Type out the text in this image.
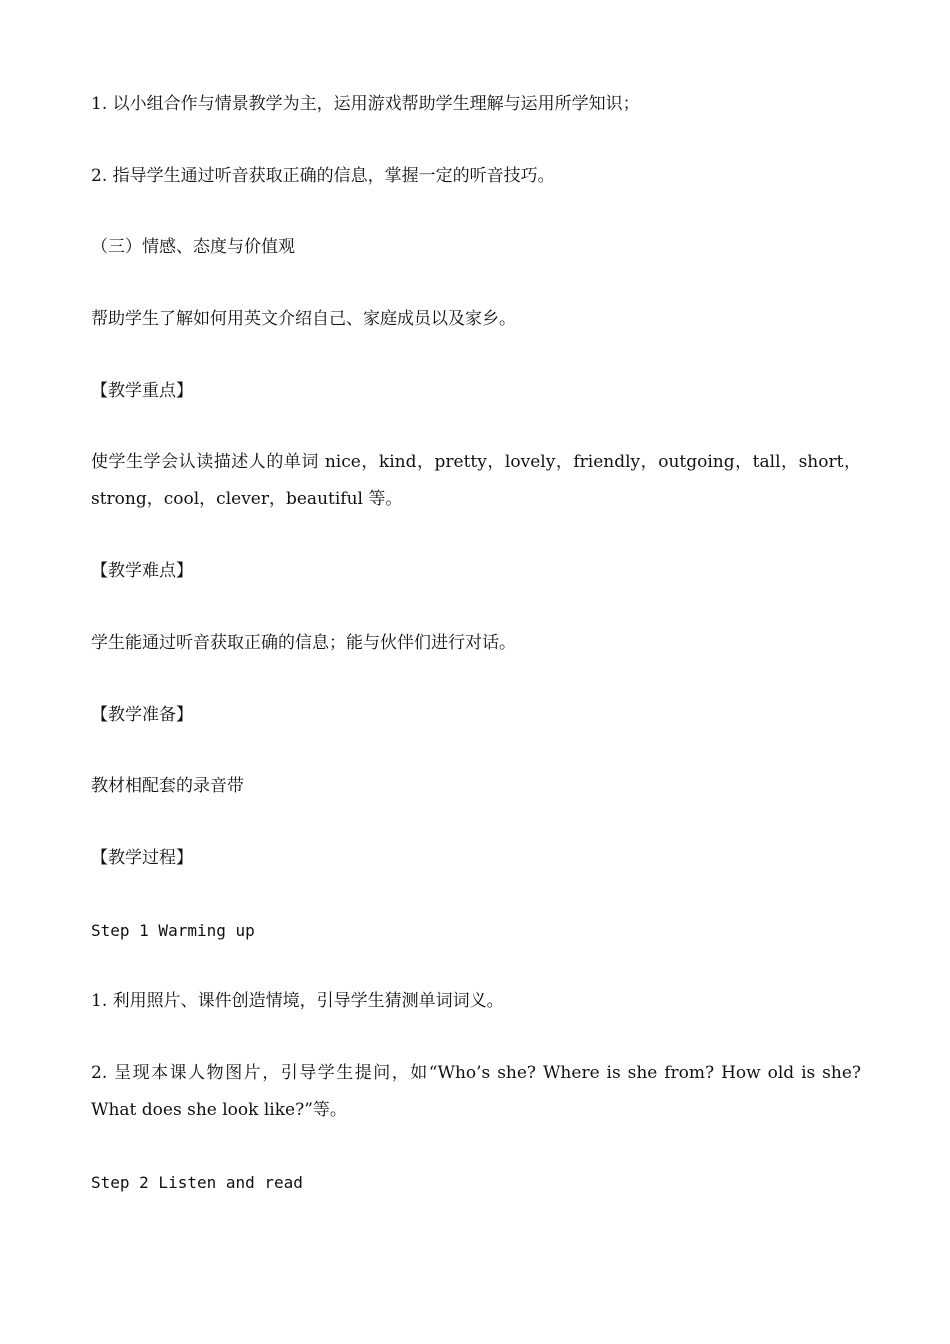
1. 以小组合作与情景教学为主，运用游戏帮助学生理解与运用所学知识；
2. 指导学生通过听音获取正确的信息，掌握一定的听音技巧。
（三）情感、态度与价值观
帮助学生了解如何用英文介绍自己、家庭成员以及家乡。
【教学重点】
使学生学会认读描述人的单词 nice，kind，pretty，lovely，friendly，outgoing，tall，short，strong，cool，clever，beautiful 等。
【教学难点】
学生能通过听音获取正确的信息；能与伙伴们进行对话。
【教学准备】
教材相配套的录音带
【教学过程】
Step 1 Warming up
1. 利用照片、课件创造情境，引导学生猜测单词词义。
2. 呈现本课人物图片，引导学生提问，如“Who’s she? Where is she from? How old is she? What does she look like?”等。
Step 2 Listen and read
